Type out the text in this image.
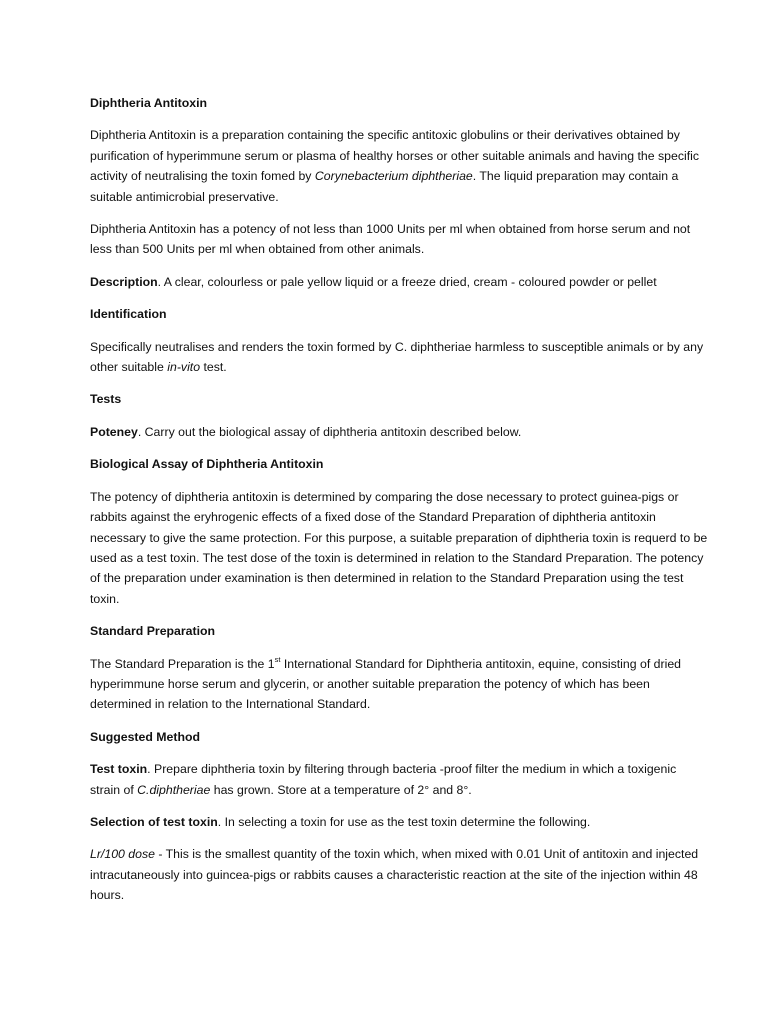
Diphtheria Antitoxin

Diphtheria Antitoxin is a preparation containing the specific antitoxic globulins or their derivatives obtained by purification of hyperimmune serum or plasma of healthy horses or other suitable animals and having the specific activity of neutralising the toxin fomed by Corynebacterium diphtheriae. The liquid preparation may contain a suitable antimicrobial preservative.

Diphtheria Antitoxin has a potency of not less than 1000 Units per ml when obtained from horse serum and not less than 500 Units per ml when obtained from other animals.

Description. A clear, colourless or pale yellow liquid or a freeze dried, cream - coloured powder or pellet

Identification

Specifically neutralises and renders the toxin formed by C. diphtheriae harmless to susceptible animals or by any other suitable in-vito test.

Tests

Poteney. Carry out the biological assay of diphtheria antitoxin described below.

Biological Assay of Diphtheria Antitoxin

The potency of diphtheria antitoxin is determined by comparing the dose necessary to protect guinea-pigs or rabbits against the eryhrogenic effects of a fixed dose of the Standard Preparation of diphtheria antitoxin necessary to give the same protection. For this purpose, a suitable preparation of diphtheria toxin is requerd to be used as a test toxin. The test dose of the toxin is determined in relation to the Standard Preparation. The potency of the preparation under examination is then determined in relation to the Standard Preparation using the test toxin.

Standard Preparation

The Standard Preparation is the 1st International Standard for Diphtheria antitoxin, equine, consisting of dried hyperimmune horse serum and glycerin, or another suitable preparation the potency of which has been determined in relation to the International Standard.

Suggested Method

Test toxin. Prepare diphtheria toxin by filtering through bacteria -proof filter the medium in which a toxigenic strain of C.diphtheriae has grown. Store at a temperature of 2° and 8°.

Selection of test toxin. In selecting a toxin for use as the test toxin determine the following.

Lr/100 dose - This is the smallest quantity of the toxin which, when mixed with 0.01 Unit of antitoxin and injected intracutaneously into guincea-pigs or rabbits causes a characteristic reaction at the site of the injection within 48 hours.
